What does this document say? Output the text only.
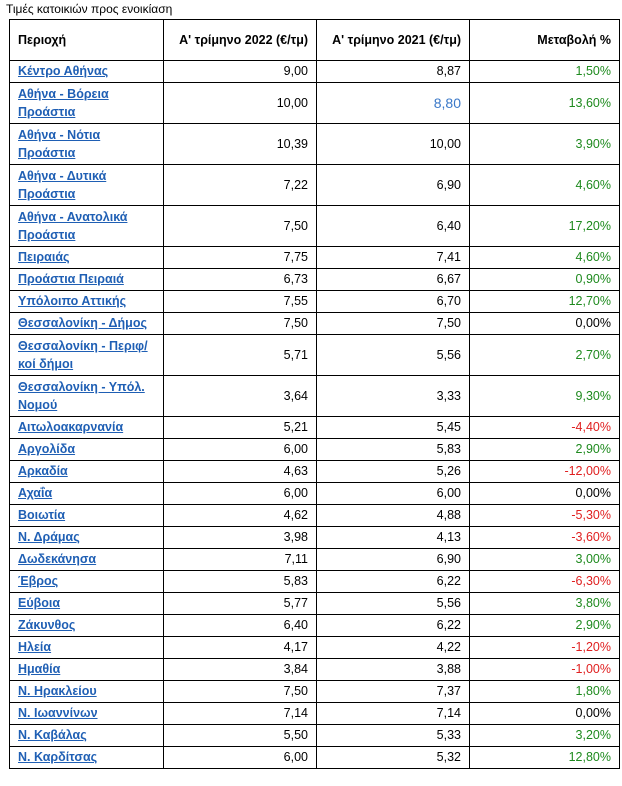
Τιμές κατοικιών προς ενοικίαση
Περιοχή	Α' τρίμηνο 2022 (€/τμ)	Α' τρίμηνο 2021 (€/τμ)	Μεταβολή %
Κέντρο Αθήνας	9,00	8,87	1,50%
Αθήνα - Βόρεια Προάστια	10,00	8,80	13,60%
Αθήνα - Νότια Προάστια	10,39	10,00	3,90%
Αθήνα - Δυτικά Προάστια	7,22	6,90	4,60%
Αθήνα - Ανατολικά Προάστια	7,50	6,40	17,20%
Πειραιάς	7,75	7,41	4,60%
Προάστια Πειραιά	6,73	6,67	0,90%
Υπόλοιπο Αττικής	7,55	6,70	12,70%
Θεσσαλονίκη - Δήμος	7,50	7,50	0,00%
Θεσσαλονίκη - Περιφ/κοί δήμοι	5,71	5,56	2,70%
Θεσσαλονίκη - Υπόλ. Νομού	3,64	3,33	9,30%
Αιτωλοακαρνανία	5,21	5,45	-4,40%
Αργολίδα	6,00	5,83	2,90%
Αρκαδία	4,63	5,26	-12,00%
Αχαΐα	6,00	6,00	0,00%
Βοιωτία	4,62	4,88	-5,30%
Ν. Δράμας	3,98	4,13	-3,60%
Δωδεκάνησα	7,11	6,90	3,00%
Έβρος	5,83	6,22	-6,30%
Εύβοια	5,77	5,56	3,80%
Ζάκυνθος	6,40	6,22	2,90%
Ηλεία	4,17	4,22	-1,20%
Ημαθία	3,84	3,88	-1,00%
Ν. Ηρακλείου	7,50	7,37	1,80%
Ν. Ιωαννίνων	7,14	7,14	0,00%
Ν. Καβάλας	5,50	5,33	3,20%
Ν. Καρδίτσας	6,00	5,32	12,80%
